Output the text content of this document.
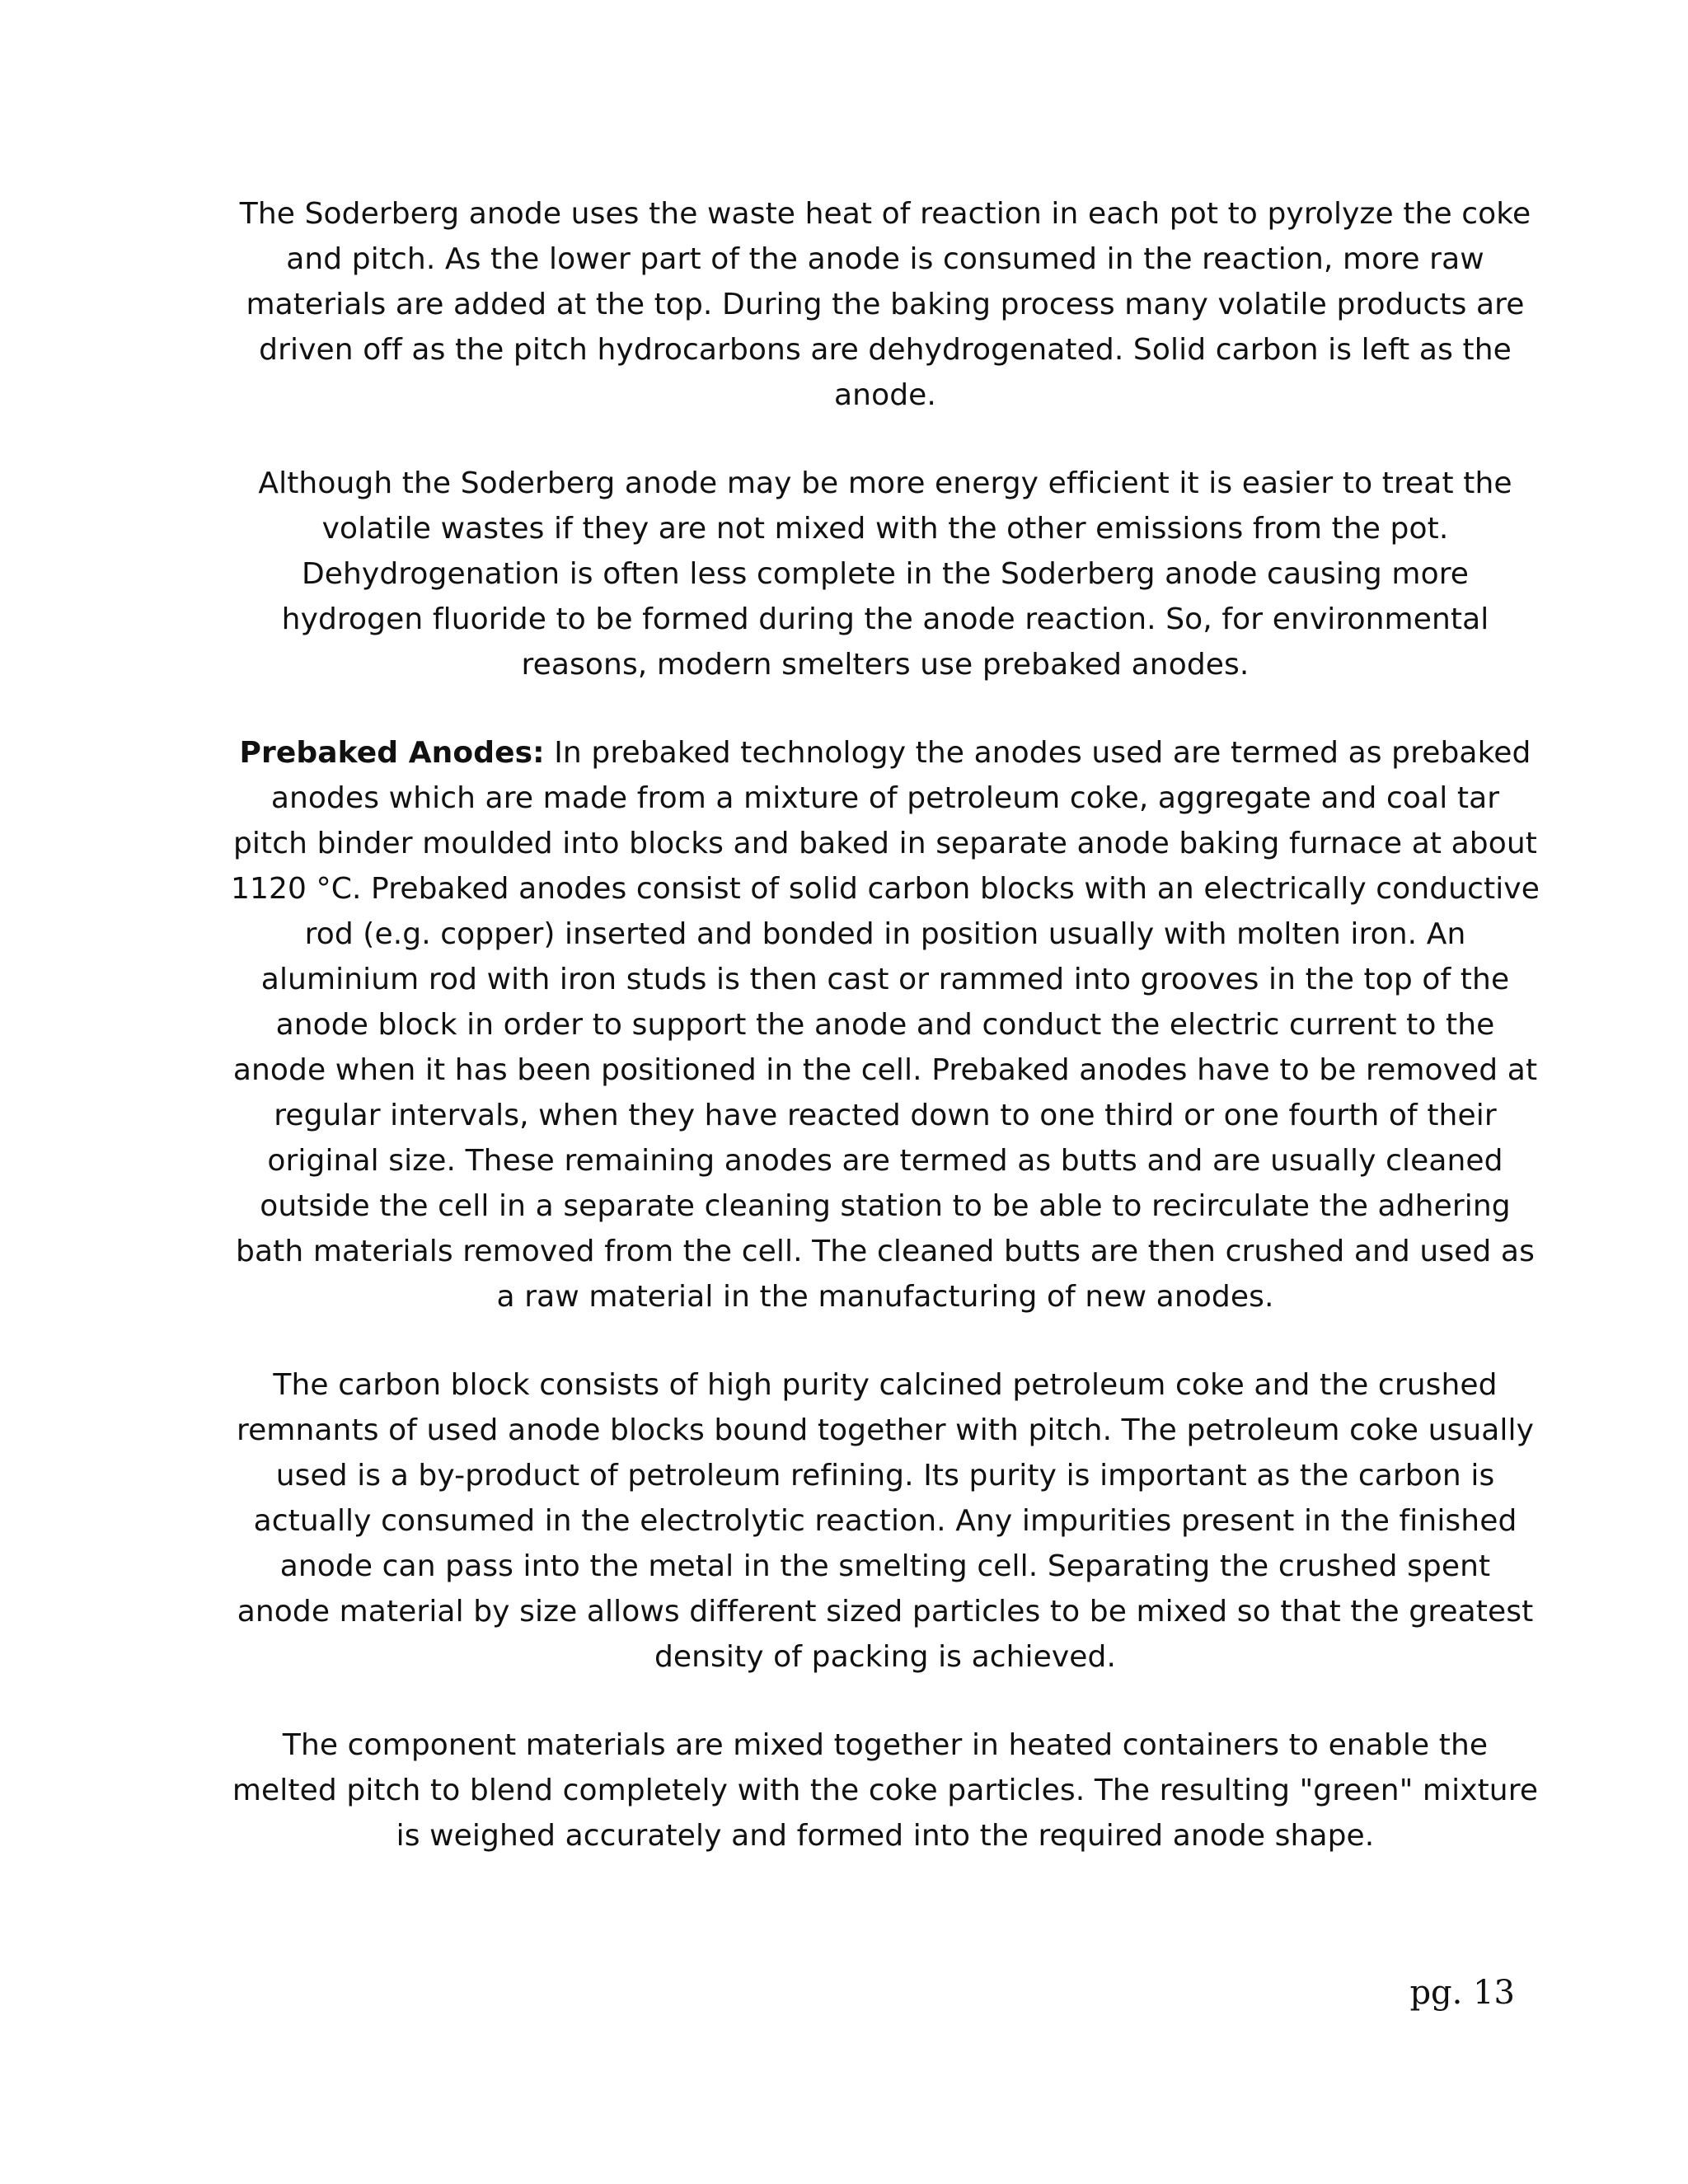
The Soderberg anode uses the waste heat of reaction in each pot to pyrolyze the coke and pitch. As the lower part of the anode is consumed in the reaction, more raw materials are added at the top. During the baking process many volatile products are driven off as the pitch hydrocarbons are dehydrogenated. Solid carbon is left as the anode.

Although the Soderberg anode may be more energy efficient it is easier to treat the volatile wastes if they are not mixed with the other emissions from the pot. Dehydrogenation is often less complete in the Soderberg anode causing more hydrogen fluoride to be formed during the anode reaction. So, for environmental reasons, modern smelters use prebaked anodes.

Prebaked Anodes: In prebaked technology the anodes used are termed as prebaked anodes which are made from a mixture of petroleum coke, aggregate and coal tar pitch binder moulded into blocks and baked in separate anode baking furnace at about 1120 °C. Prebaked anodes consist of solid carbon blocks with an electrically conductive rod (e.g. copper) inserted and bonded in position usually with molten iron. An aluminium rod with iron studs is then cast or rammed into grooves in the top of the anode block in order to support the anode and conduct the electric current to the anode when it has been positioned in the cell. Prebaked anodes have to be removed at regular intervals, when they have reacted down to one third or one fourth of their original size. These remaining anodes are termed as butts and are usually cleaned outside the cell in a separate cleaning station to be able to recirculate the adhering bath materials removed from the cell. The cleaned butts are then crushed and used as a raw material in the manufacturing of new anodes.

The carbon block consists of high purity calcined petroleum coke and the crushed remnants of used anode blocks bound together with pitch. The petroleum coke usually used is a by-product of petroleum refining. Its purity is important as the carbon is actually consumed in the electrolytic reaction. Any impurities present in the finished anode can pass into the metal in the smelting cell. Separating the crushed spent anode material by size allows different sized particles to be mixed so that the greatest density of packing is achieved.

The component materials are mixed together in heated containers to enable the melted pitch to blend completely with the coke particles. The resulting "green" mixture is weighed accurately and formed into the required anode shape.

pg. 13
